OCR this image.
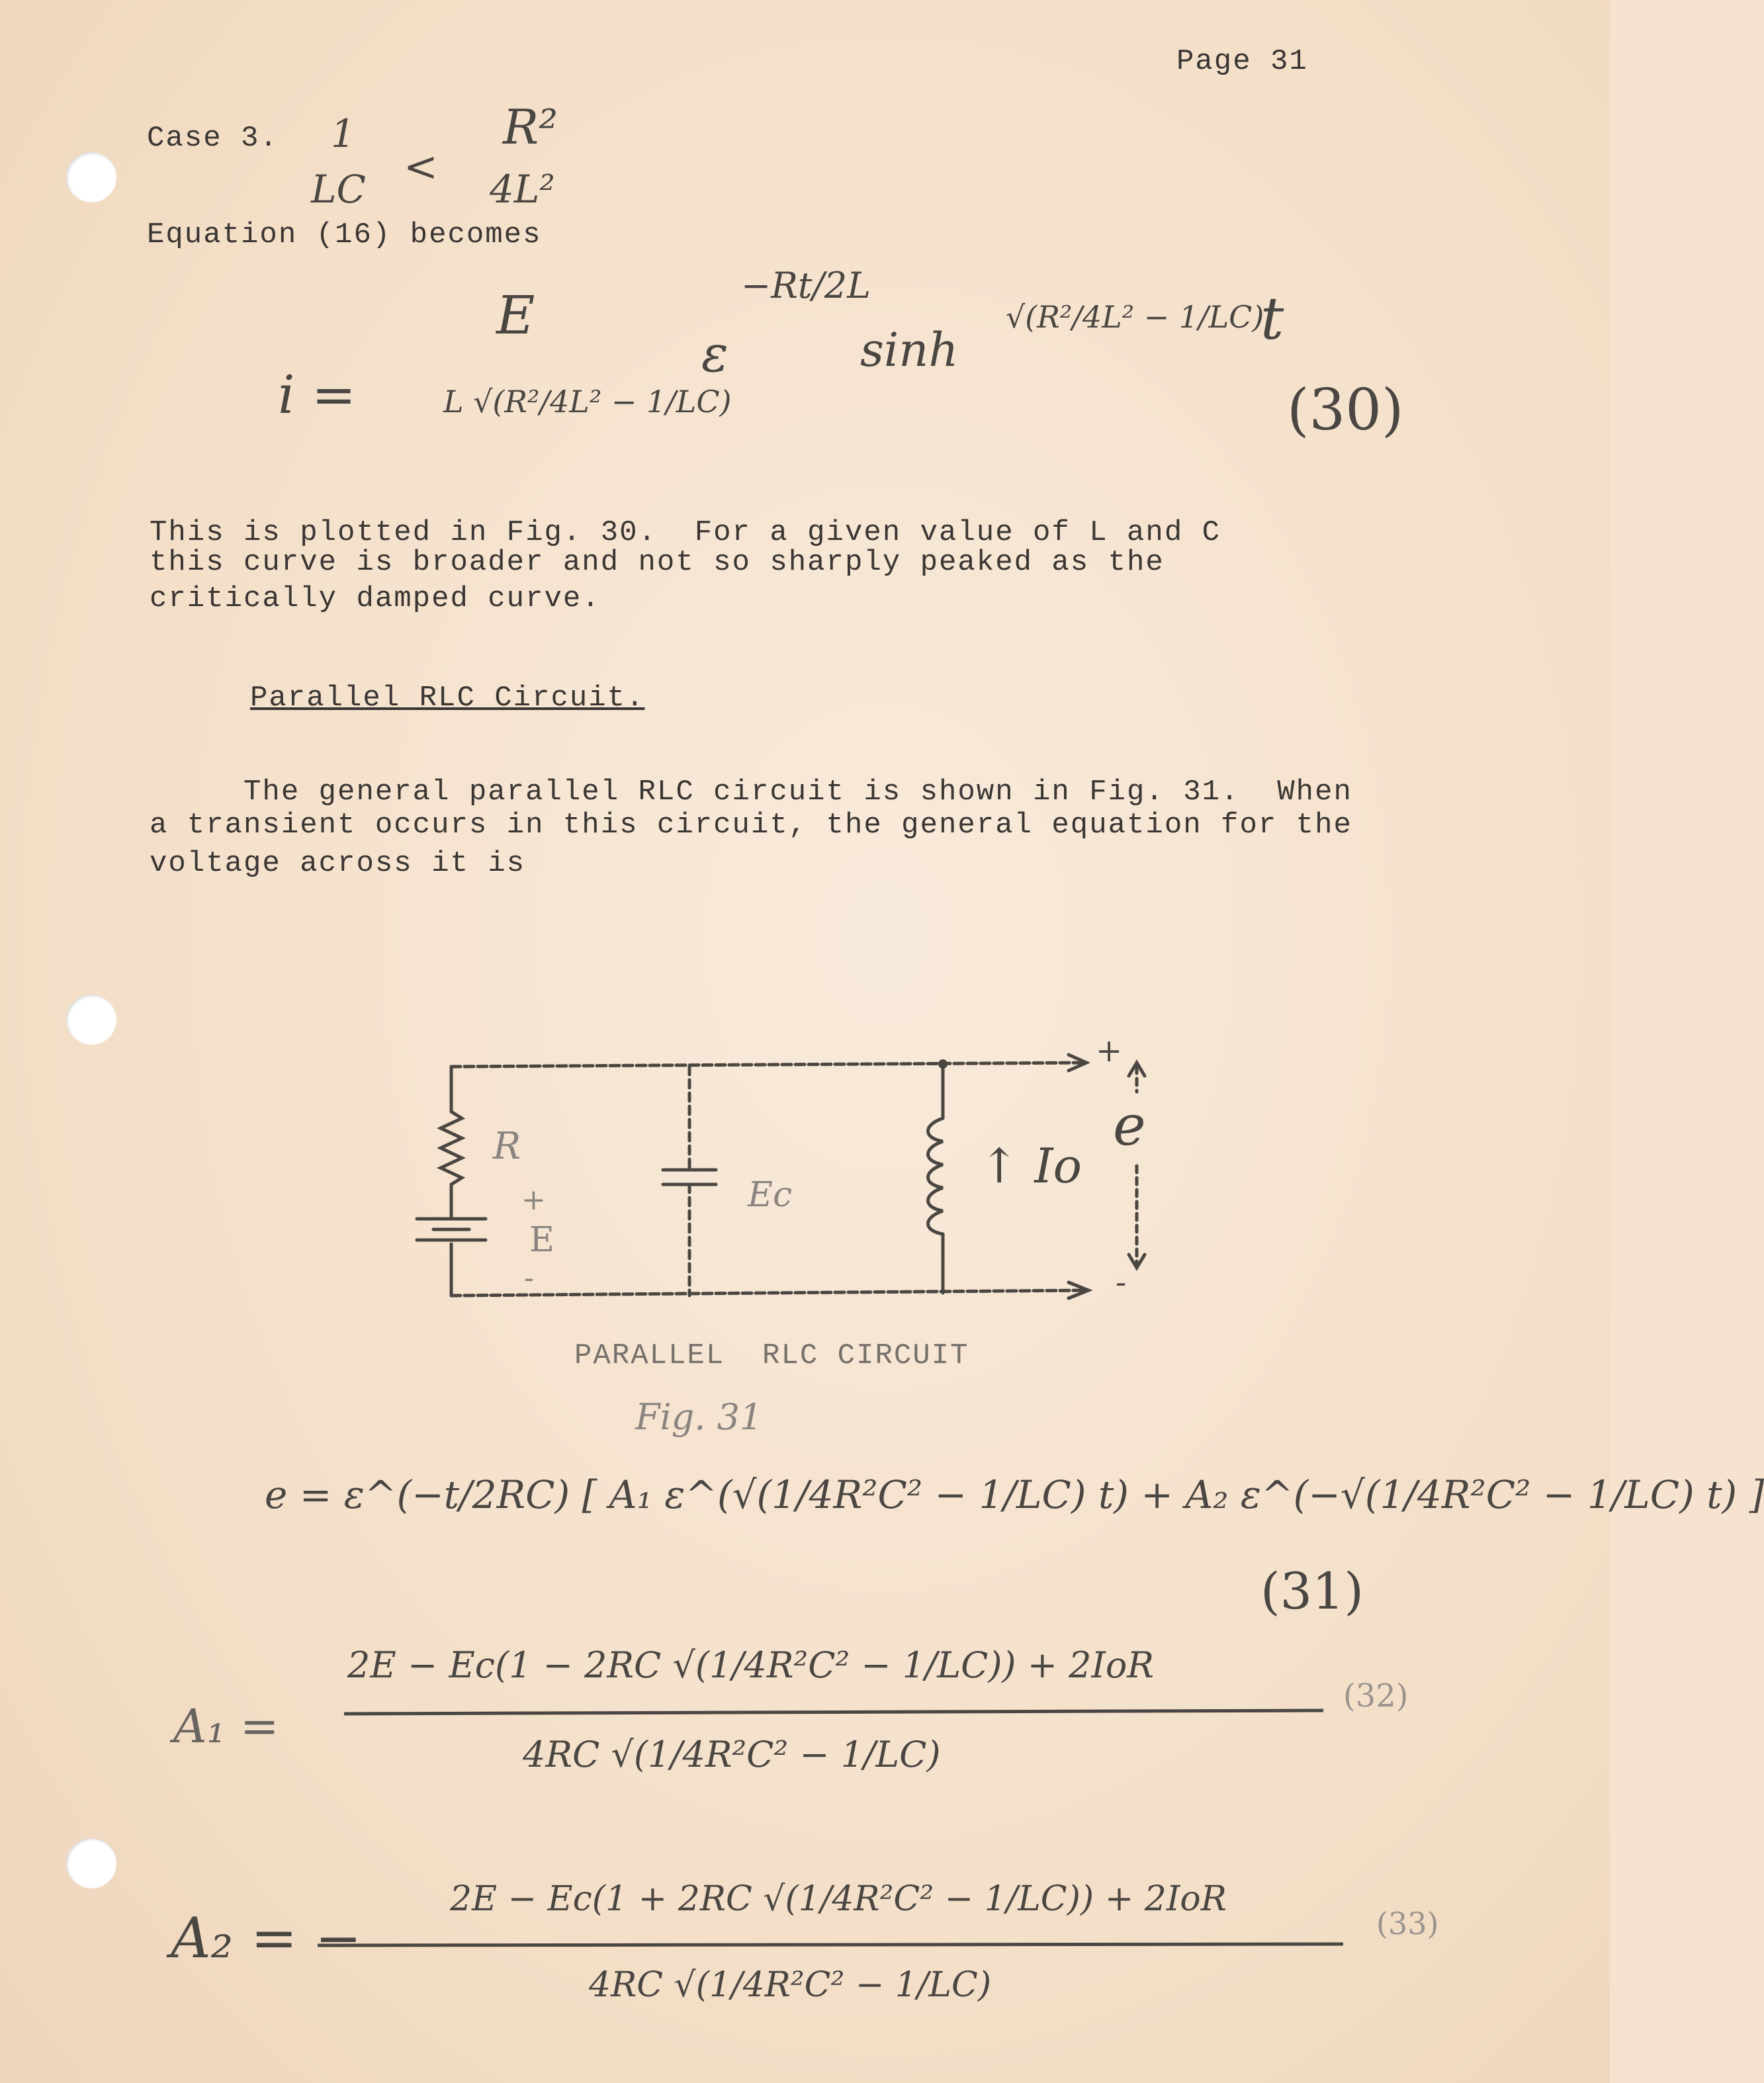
Page 31
Case 3. 1
LC <
R²
4L²
Equation (16) becomes
i =
E
L √(R²/4L² − 1/LC)
ε
−Rt/2L
sinh
√(R²/4L² − 1/LC)
t
(30)
This is plotted in Fig. 30.  For a given value of L and C
this curve is broader and not so sharply peaked as the
critically damped curve.
Parallel RLC Circuit.
The general parallel RLC circuit is shown in Fig. 31.  When
a transient occurs in this circuit, the general equation for the
voltage across it is
R
+
E
-
Ec
↑ Io
+
e
-
PARALLEL  RLC CIRCUIT
Fig. 31
e = ε^(−t/2RC) [ A₁ ε^(√(1/4R²C² − 1/LC) t) + A₂ ε^(−√(1/4R²C² − 1/LC) t) ]
(31)
A₁ =
2E − Ec(1 − 2RC √(1/4R²C² − 1/LC)) + 2IoR
4RC √(1/4R²C² − 1/LC)
(32)
A₂ = −
2E − Ec(1 + 2RC √(1/4R²C² − 1/LC)) + 2IoR
4RC √(1/4R²C² − 1/LC)
(33)
